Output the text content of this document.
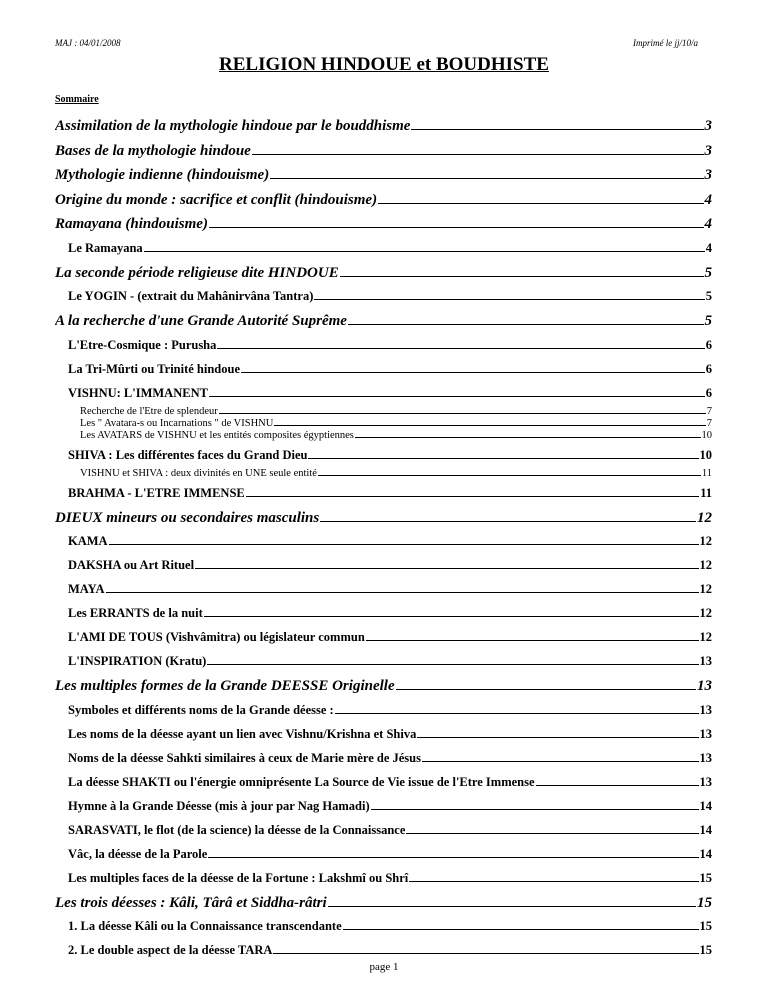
MAJ : 04/01/2008	Imprimé le jj/10/a
RELIGION HINDOUE et BOUDHISTE
Sommaire
Assimilation de la mythologie hindoue par le bouddhisme	3
Bases de la mythologie hindoue	3
Mythologie indienne (hindouisme)	3
Origine du monde : sacrifice et conflit (hindouisme)	4
Ramayana (hindouisme)	4
Le Ramayana	4
La seconde période religieuse dite HINDOUE	5
Le YOGIN - (extrait du Mahânirvâna Tantra)	5
A la recherche d'une Grande Autorité Suprême	5
L'Etre-Cosmique : Purusha	6
La Tri-Mûrti ou Trinité hindoue	6
VISHNU: L'IMMANENT	6
Recherche de l'Etre de splendeur	7
Les " Avatara-s ou Incarnations " de VISHNU	7
Les AVATARS de VISHNU et les entités composites égyptiennes	10
SHIVA : Les différentes faces du Grand Dieu	10
VISHNU et SHIVA : deux divinités en UNE seule entité	11
BRAHMA - L'ETRE IMMENSE	11
DIEUX mineurs ou secondaires masculins	12
KAMA	12
DAKSHA ou Art Rituel	12
MAYA	12
Les ERRANTS de la nuit	12
L'AMI DE TOUS (Vishvâmitra) ou législateur commun	12
L'INSPIRATION (Kratu)	13
Les multiples formes de la Grande DEESSE Originelle	13
Symboles et différents noms de la Grande déesse :	13
Les noms de la déesse ayant un lien avec Vishnu/Krishna et Shiva	13
Noms de la déesse Sahkti similaires à ceux de Marie mère de Jésus	13
La déesse SHAKTI ou l'énergie omniprésente La Source de Vie issue de l'Etre Immense	13
Hymne à la Grande Déesse (mis à jour par Nag Hamadi)	14
SARASVATI, le flot (de la science) la déesse de la Connaissance	14
Vâc, la déesse de la Parole	14
Les multiples faces de la déesse de la Fortune : Lakshmî ou Shrî	15
Les trois déesses : Kâli, Târâ et Siddha-râtri	15
1. La déesse Kâli ou la Connaissance transcendante	15
2. Le double aspect de la déesse TARA	15
page 1
